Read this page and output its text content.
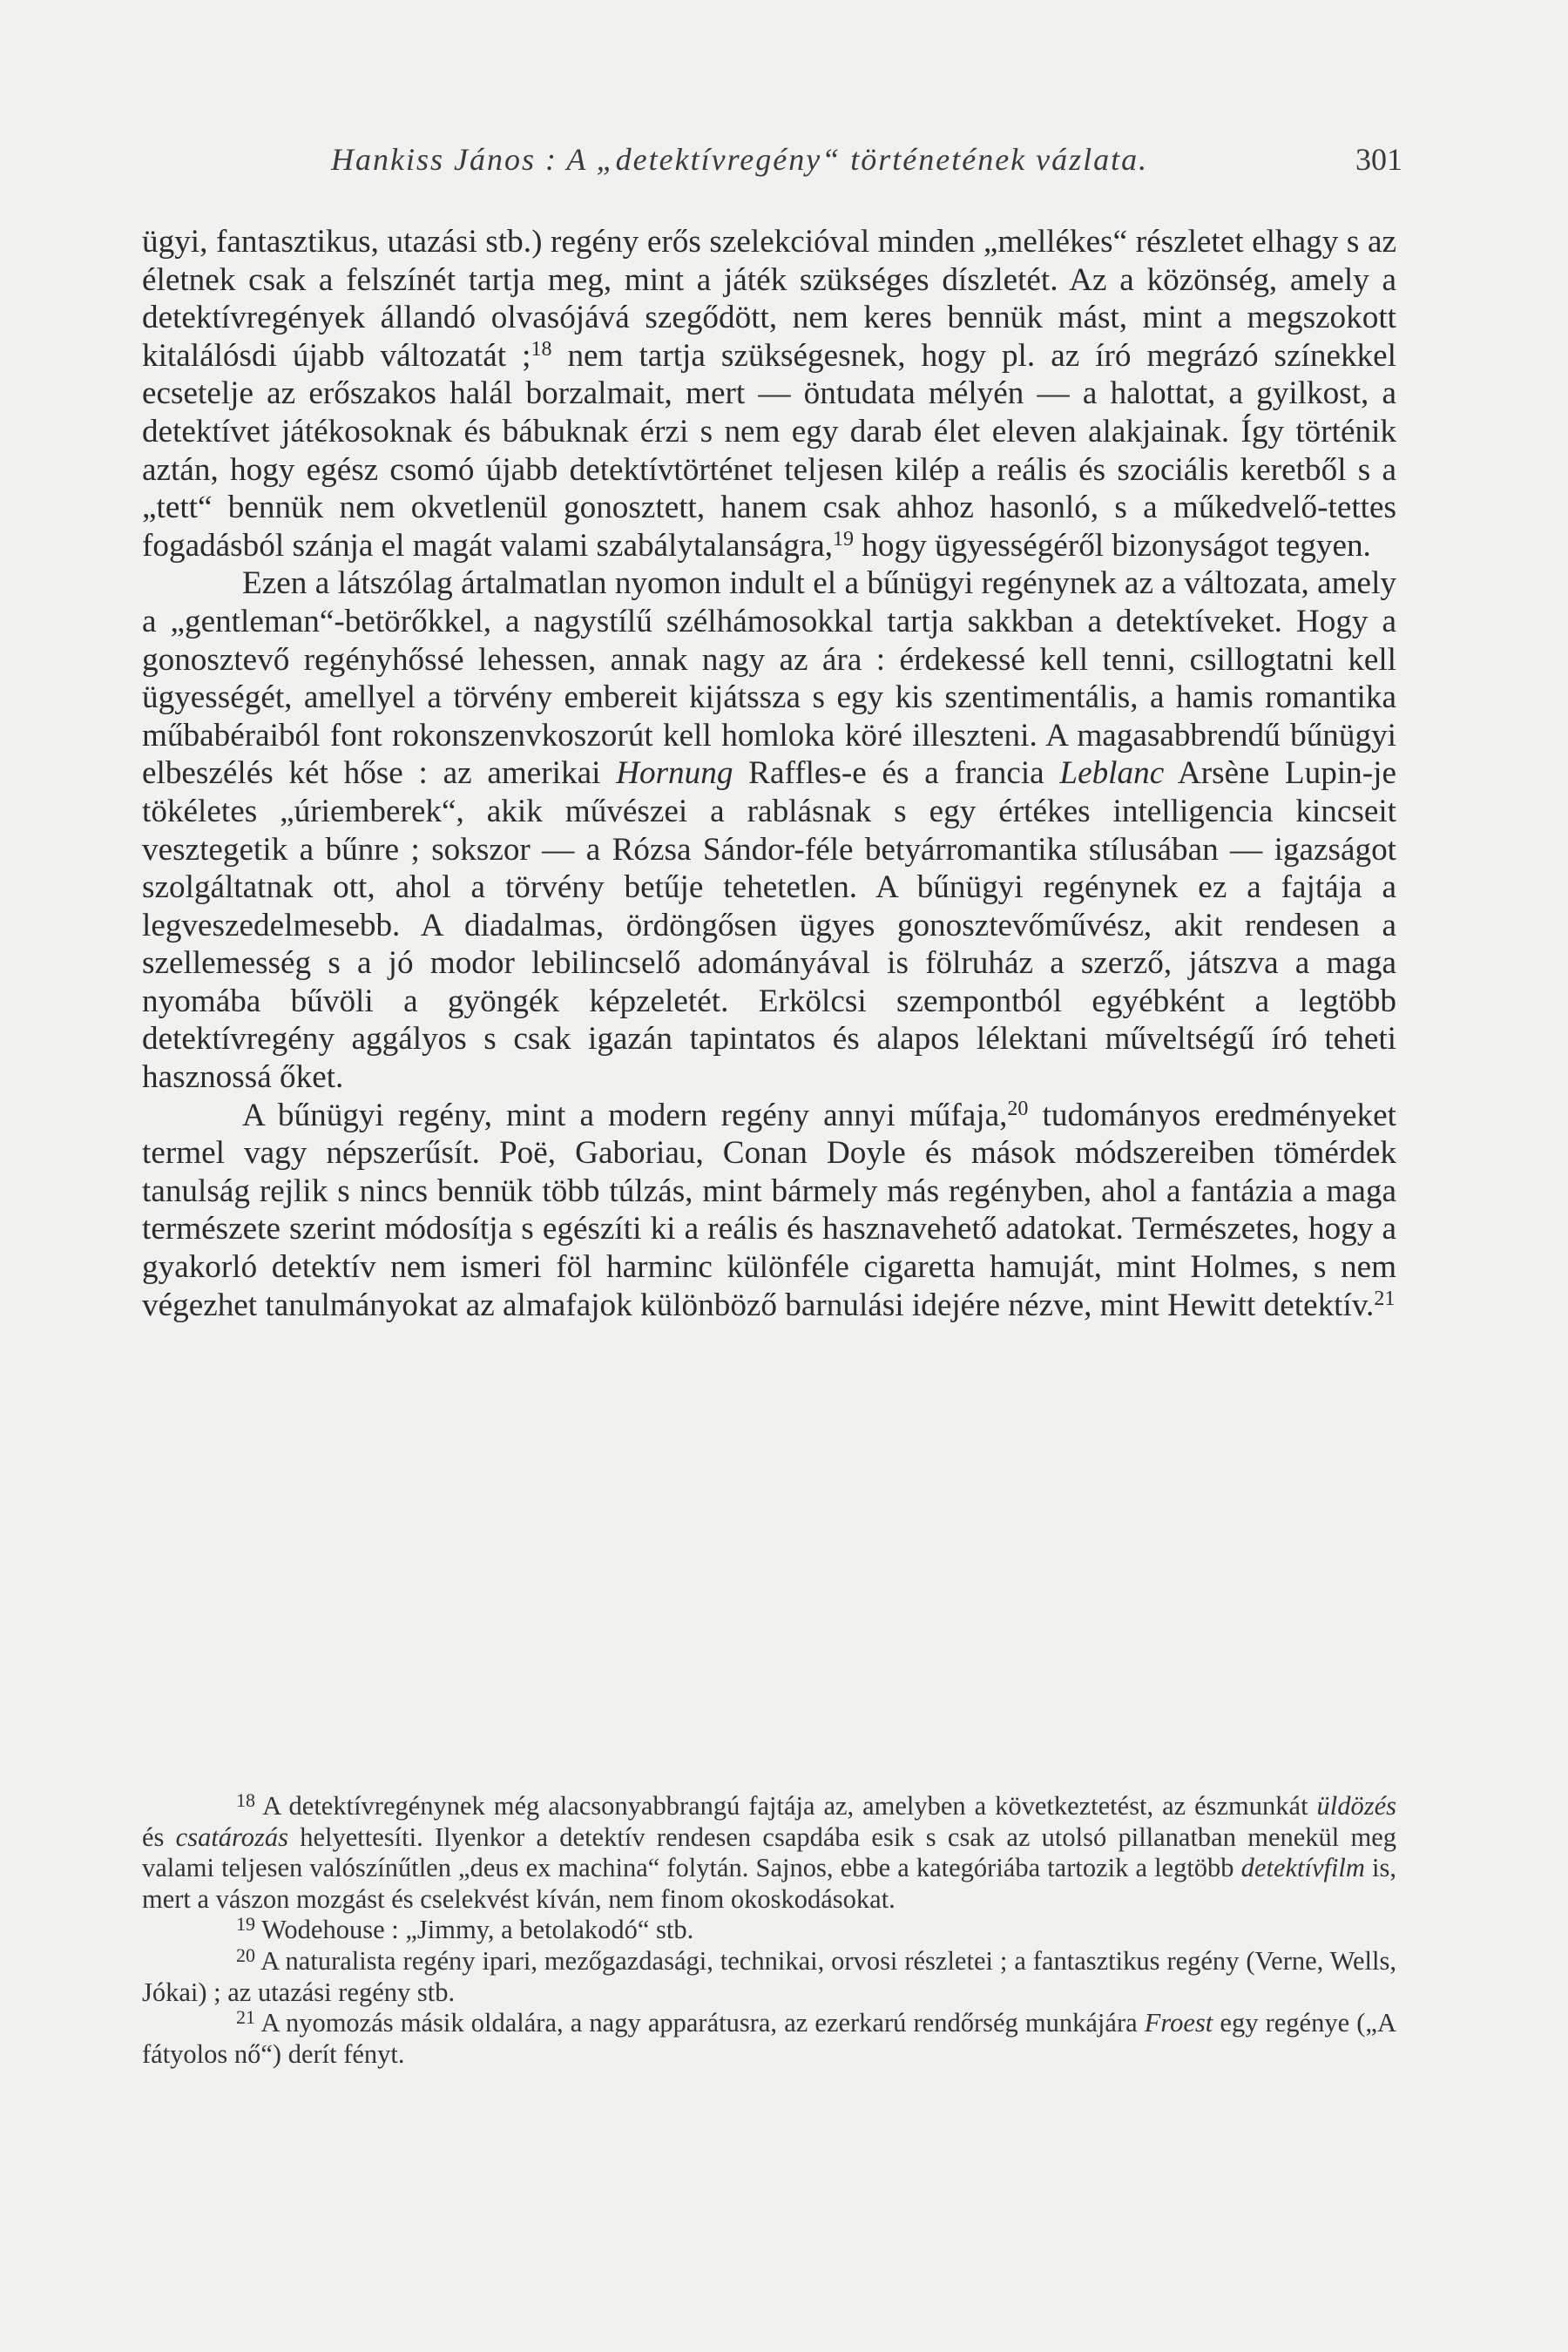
Hankiss János : A „detektívregény“ történetének vázlata.	301

ügyi, fantasztikus, utazási stb.) regény erős szelekcióval minden „mellékes“ részletet elhagy s az életnek csak a felszínét tartja meg, mint a játék szükséges díszletét. Az a közönség, amely a detektívregények állandó olvasójává szegődött, nem keres bennük mást, mint a megszokott kitalálósdi újabb változatát ;$^{18}$ nem tartja szükségesnek, hogy pl. az író megrázó színekkel ecsetelje az erőszakos halál borzalmait, mert — öntudata mélyén — a halottat, a gyilkost, a detektívet játékosoknak és bábuknak érzi s nem egy darab élet eleven alakjainak. Így történik aztán, hogy egész csomó újabb detektívtörténet teljesen kilép a reális és szociális keretből s a „tett“ bennük nem okvetlenül gonosztett, hanem csak ahhoz hasonló, s a műkedvelő-tettes fogadásból szánja el magát valami szabálytalanságra,$^{19}$ hogy ügyességéről bizonyságot tegyen.

Ezen a látszólag ártalmatlan nyomon indult el a bűnügyi regénynek az a változata, amely a „gentleman“-betörőkkel, a nagystílű szélhámosokkal tartja sakkban a detektíveket. Hogy a gonosztevő regényhőssé lehessen, annak nagy az ára : érdekessé kell tenni, csillogtatni kell ügyességét, amellyel a törvény embereit kijátssza s egy kis szentimentális, a hamis romantika műbabéraiból font rokonszenvkoszorút kell homloka köré illeszteni. A magasabbrendű bűnügyi elbeszélés két hőse : az amerikai Hornung Raffles-e és a francia Leblanc Arsène Lupin-je tökéletes „úriemberek“, akik művészei a rablásnak s egy értékes intelligencia kincseit vesztegetik a bűnre ; sokszor — a Rózsa Sándor-féle betyárromantika stílusában — igazságot szolgáltatnak ott, ahol a törvény betűje tehetetlen. A bűnügyi regénynek ez a fajtája a legveszedelmesebb. A diadalmas, ördöngősen ügyes gonosztevőművész, akit rendesen a szellemesség s a jó modor lebilincselő adományával is fölruház a szerző, játszva a maga nyomába bűvöli a gyöngék képzeletét. Erkölcsi szempontból egyébként a legtöbb detektívregény aggályos s csak igazán tapintatos és alapos lélektani műveltségű író teheti hasznossá őket.

A bűnügyi regény, mint a modern regény annyi műfaja,$^{20}$ tudományos eredményeket termel vagy népszerűsít. Poë, Gaboriau, Conan Doyle és mások módszereiben tömérdek tanulság rejlik s nincs bennük több túlzás, mint bármely más regényben, ahol a fantázia a maga természete szerint módosítja s egészíti ki a reális és hasznavehető adatokat. Természetes, hogy a gyakorló detektív nem ismeri föl harminc különféle cigaretta hamuját, mint Holmes, s nem végezhet tanulmányokat az almafajok különböző barnulási idejére nézve, mint Hewitt detektív.$^{21}$

$^{18}$ A detektívregénynek még alacsonyabbrangú fajtája az, amelyben a következtetést, az észmunkát üldözés és csatározás helyettesíti. Ilyenkor a detektív rendesen csapdába esik s csak az utolsó pillanatban menekül meg valami teljesen valószínűtlen „deus ex machina“ folytán. Sajnos, ebbe a kategóriába tartozik a legtöbb detektívfilm is, mert a vászon mozgást és cselekvést kíván, nem finom okoskodásokat.

$^{19}$ Wodehouse : „Jimmy, a betolakodó“ stb.

$^{20}$ A naturalista regény ipari, mezőgazdasági, technikai, orvosi részletei ; a fantasztikus regény (Verne, Wells, Jókai) ; az utazási regény stb.

$^{21}$ A nyomozás másik oldalára, a nagy apparátusra, az ezerkarú rendőrség munkájára Froest egy regénye („A fátyolos nő“) derít fényt.
